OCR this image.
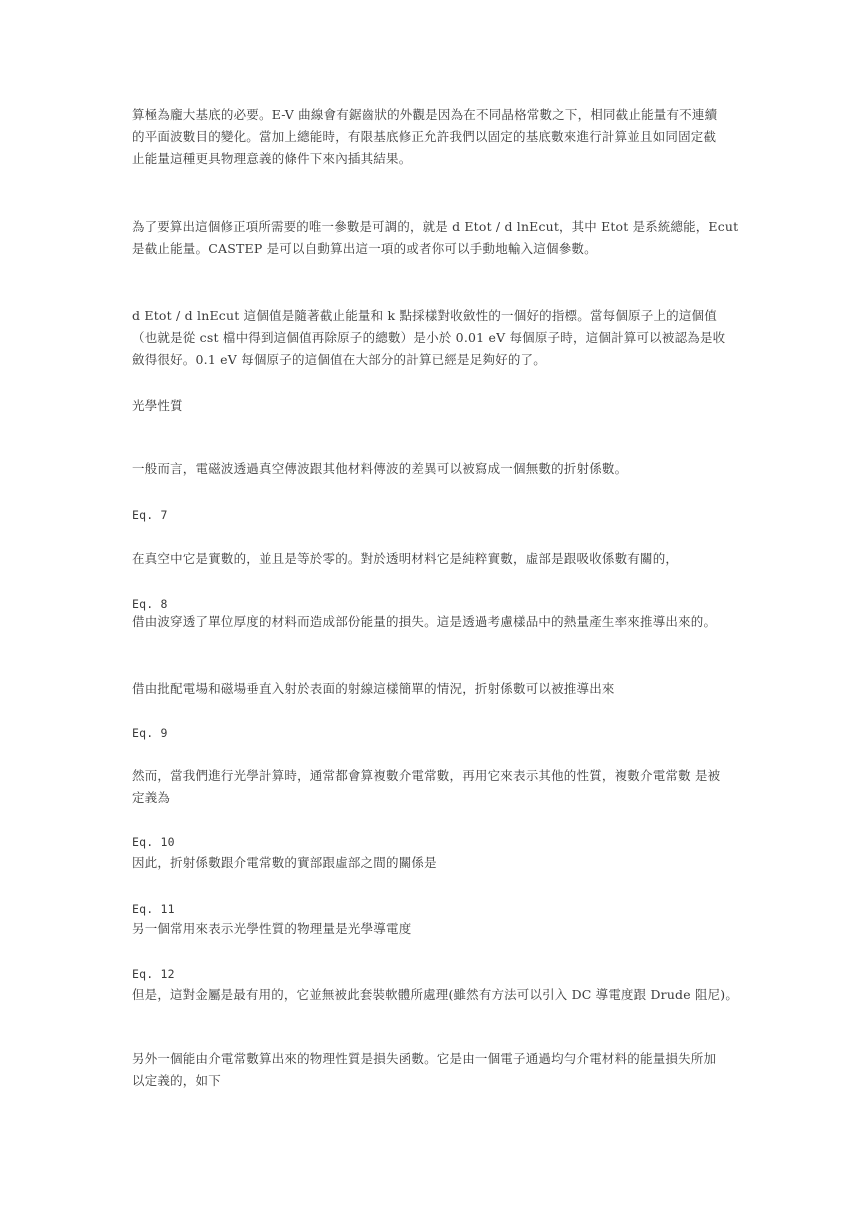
算極為龐大基底的必要。E-V 曲線會有鋸齒狀的外觀是因為在不同晶格常數之下，相同截止能量有不連續
的平面波數目的變化。當加上總能時，有限基底修正允許我們以固定的基底數來進行計算並且如同固定截
止能量這種更具物理意義的條件下來內插其結果。
為了要算出這個修正項所需要的唯一參數是可調的，就是 d Etot / d lnEcut，其中 Etot 是系統總能，Ecut
是截止能量。CASTEP 是可以自動算出這一項的或者你可以手動地輸入這個參數。
d Etot / d lnEcut 這個值是隨著截止能量和 k 點採樣對收斂性的一個好的指標。當每個原子上的這個值
（也就是從 cst 檔中得到這個值再除原子的總數）是小於 0.01 eV 每個原子時，這個計算可以被認為是收
斂得很好。0.1 eV 每個原子的這個值在大部分的計算已經是足夠好的了。
光學性質
一般而言，電磁波透過真空傳波跟其他材料傳波的差異可以被寫成一個無數的折射係數。
Eq. 7
在真空中它是實數的，並且是等於零的。對於透明材料它是純粹實數，虛部是跟吸收係數有關的，
Eq. 8
借由波穿透了單位厚度的材料而造成部份能量的損失。這是透過考慮樣品中的熱量產生率來推導出來的。
借由批配電場和磁場垂直入射於表面的射線這樣簡單的情況，折射係數可以被推導出來
Eq. 9
然而，當我們進行光學計算時，通常都會算複數介電常數，再用它來表示其他的性質，複數介電常數 是被
定義為
Eq. 10
因此，折射係數跟介電常數的實部跟虛部之間的關係是
Eq. 11
另一個常用來表示光學性質的物理量是光學導電度
Eq. 12
但是，這對金屬是最有用的，它並無被此套裝軟體所處理(雖然有方法可以引入 DC 導電度跟 Drude 阻尼)。
另外一個能由介電常數算出來的物理性質是損失函數。它是由一個電子通過均勻介電材料的能量損失所加
以定義的，如下
